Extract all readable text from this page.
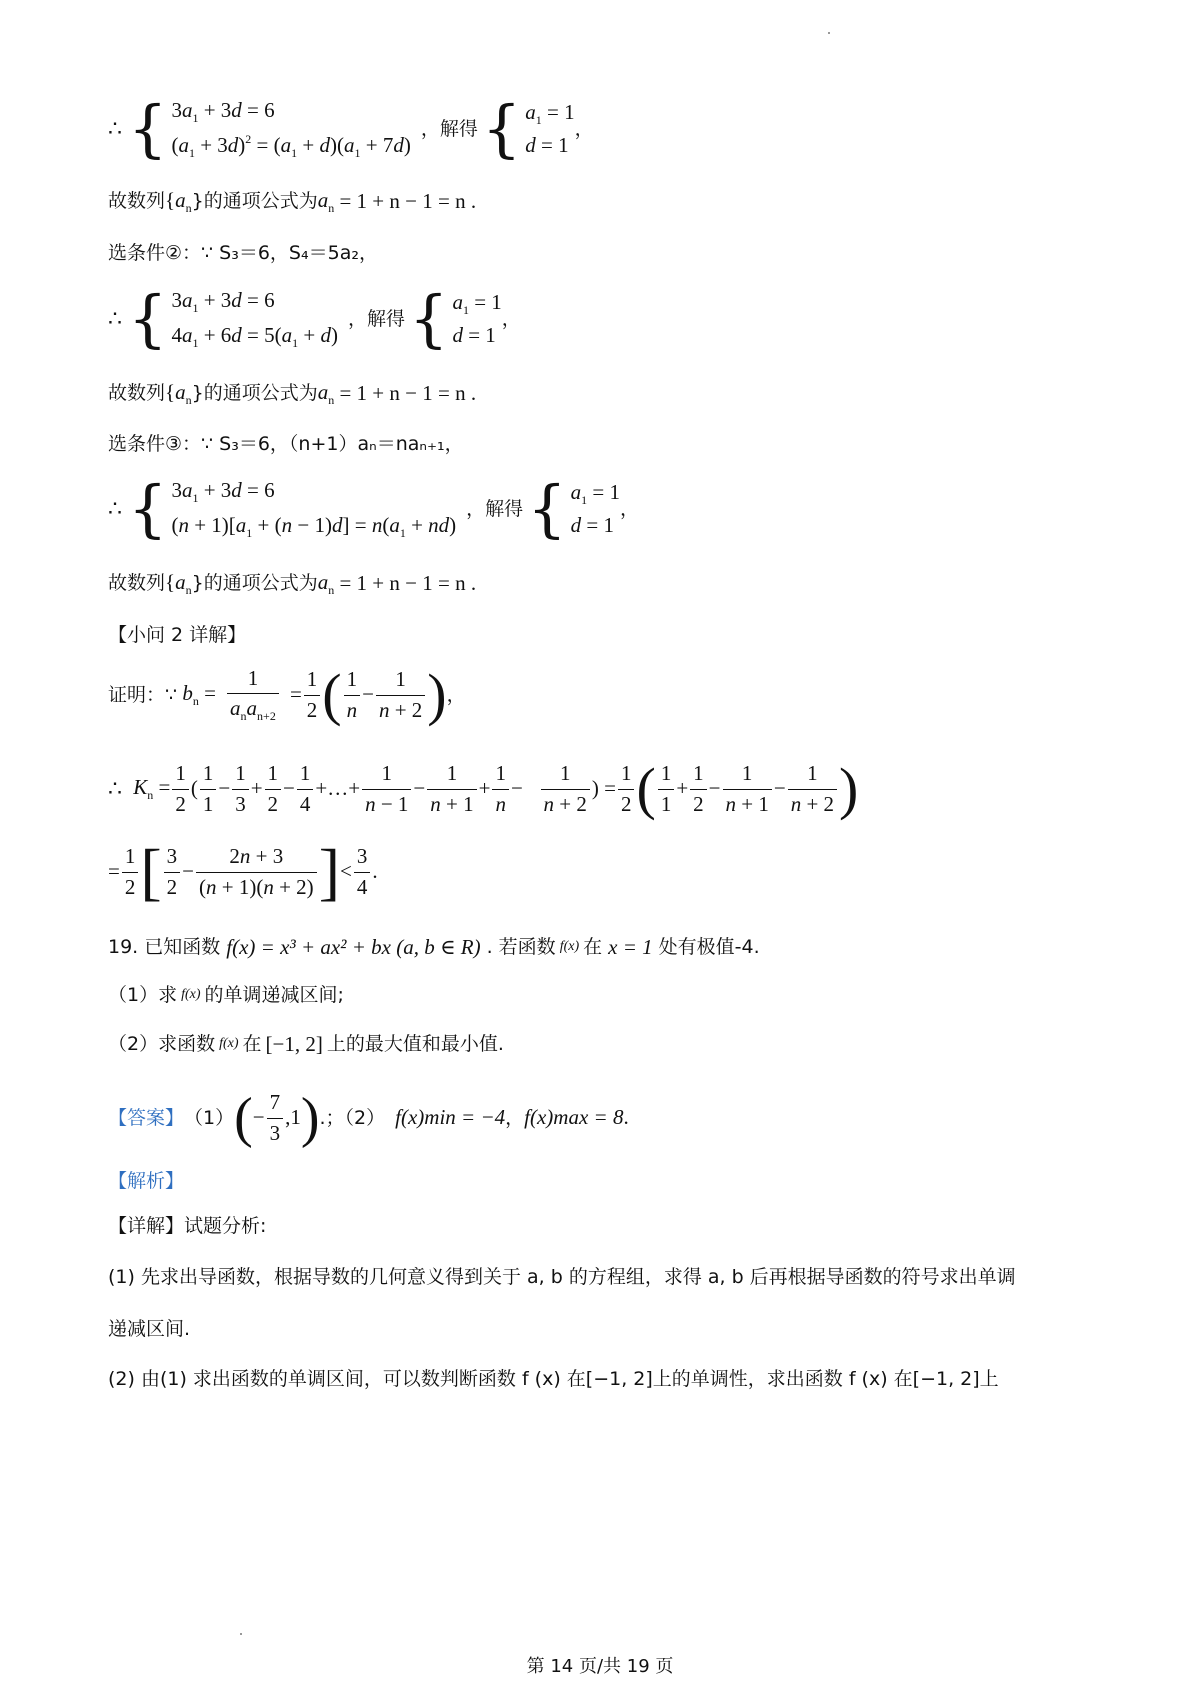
∴ { $3a_1 + 3d = 6$
$(a_1 + 3d)^2 = (a_1 + d)(a_1 + 7d)$
，解得 { $a_1 = 1$
d = 1
，
故数列 {$a_n$ }的通项公式为 $a_n = 1 + n - 1 = n$ .
选条件②：∵ S₃＝6，S₄＝5a₂，
∴ { $3a_1 + 3d = 6$
$4a_1 + 6d = 5(a_1 + d)$
，解得 { $a_1 = 1$
d = 1
，
故数列 {$a_n$ }的通项公式为 $a_n = 1 + n - 1 = n$ .
选条件③：∵ S₃＝6，（n+1）aₙ＝naₙ₊₁，
∴ { $3a_1 + 3d = 6$
$(n + 1)[a_1 + (n - 1)d] = n(a_1 + nd)$
，解得 { $a_1 = 1$
d = 1
，
故数列 {$a_n$ }的通项公式为 $a_n = 1 + n - 1 = n$ .
【小问 2 详解】
证明：∵ $b_n = \frac{1}{a_na_{n+2}} = \frac{1}{2}$ ( $\frac{1}{n} - \frac{1}{n + 2}$ ) ，
∴ $K_n = \frac{1}{2}$ ( $\frac{1}{1} - \frac{1}{3} + \frac{1}{2} - \frac{1}{4}$ +…+ $\frac{1}{n - 1} - \frac{1}{n + 1} + \frac{1}{n} - \frac{1}{n + 2}$ ) = $\frac{1}{2}$ ( $\frac{1}{1} + \frac{1}{2} - \frac{1}{n + 1} - \frac{1}{n + 2}$ )
= $\frac{1}{2}$ [ $\frac{3}{2} - \frac{2n + 3}{(n + 1)(n + 2)}$ ] < $\frac{3}{4}$ .
19. 已知函数 f(x) = x³ + ax² + bx (a, b ∈ R) . 若函数 f(x) 在 x = 1 处有极值-4.
（1）求 f(x) 的单调递减区间;
（2）求函数 f(x) 在 [−1, 2] 上的最大值和最小值.
【答案】 （1） ( − $\frac{7}{3} ,1$ ) .；（2） f(x)min = −4 ， f(x)max = 8 .
【解析】
【详解】试题分析:
(1) 先求出导函数，根据导数的几何意义得到关于 a, b 的方程组，求得 a, b 后再根据导函数的符号求出单调
递减区间.
(2) 由(1) 求出函数的单调区间，可以数判断函数 f (x) 在[−1, 2]上的单调性，求出函数 f (x) 在[−1, 2]上
第 14 页/共 19 页
